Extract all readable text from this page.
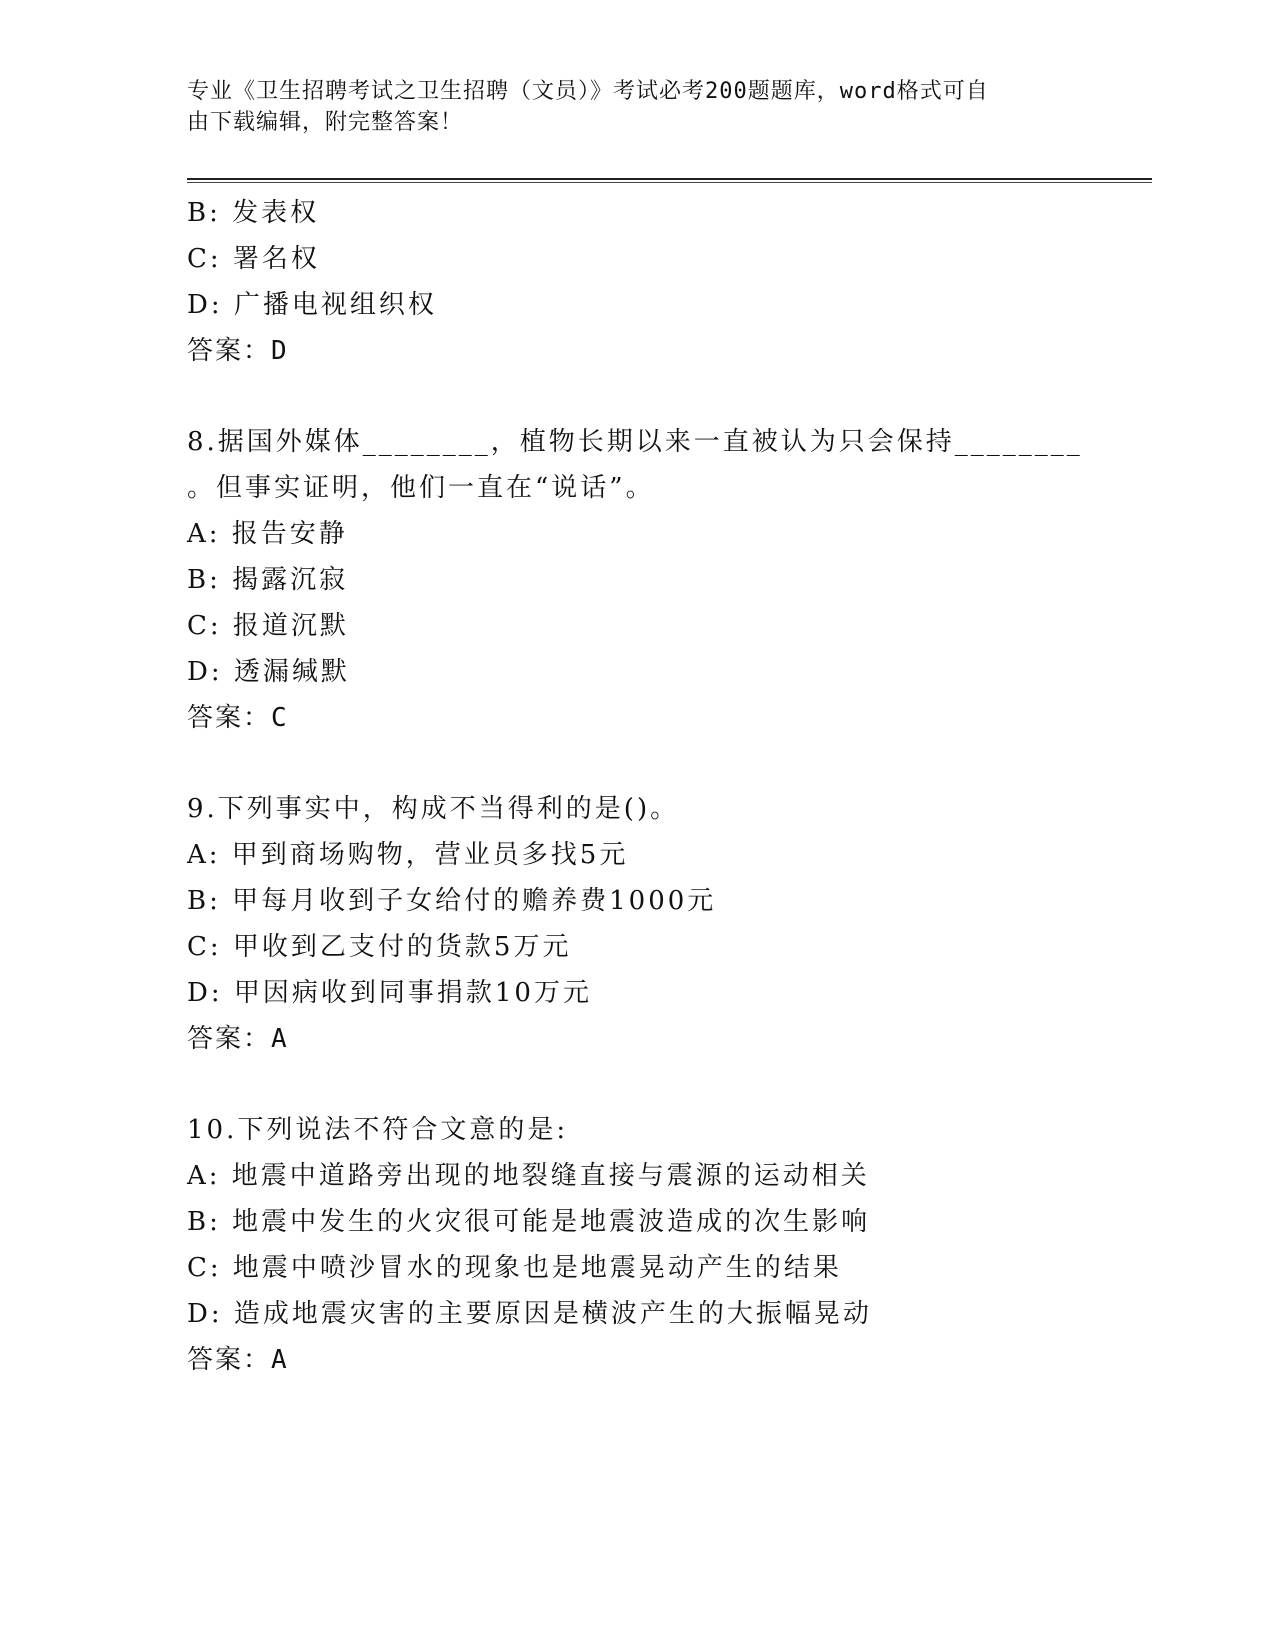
专业《卫生招聘考试之卫生招聘（文员）》考试必考200题题库，word格式可自
由下载编辑，附完整答案！
B: 发表权
C: 署名权
D: 广播电视组织权
答案：D
8.据国外媒体________，植物长期以来一直被认为只会保持________
。但事实证明，他们一直在“说话”。
A: 报告安静
B: 揭露沉寂
C: 报道沉默
D: 透漏缄默
答案：C
9.下列事实中，构成不当得利的是()。
A: 甲到商场购物，营业员多找5元
B: 甲每月收到子女给付的赡养费1000元
C: 甲收到乙支付的货款5万元
D: 甲因病收到同事捐款10万元
答案：A
10.下列说法不符合文意的是:
A: 地震中道路旁出现的地裂缝直接与震源的运动相关
B: 地震中发生的火灾很可能是地震波造成的次生影响
C: 地震中喷沙冒水的现象也是地震晃动产生的结果
D: 造成地震灾害的主要原因是横波产生的大振幅晃动
答案：A
